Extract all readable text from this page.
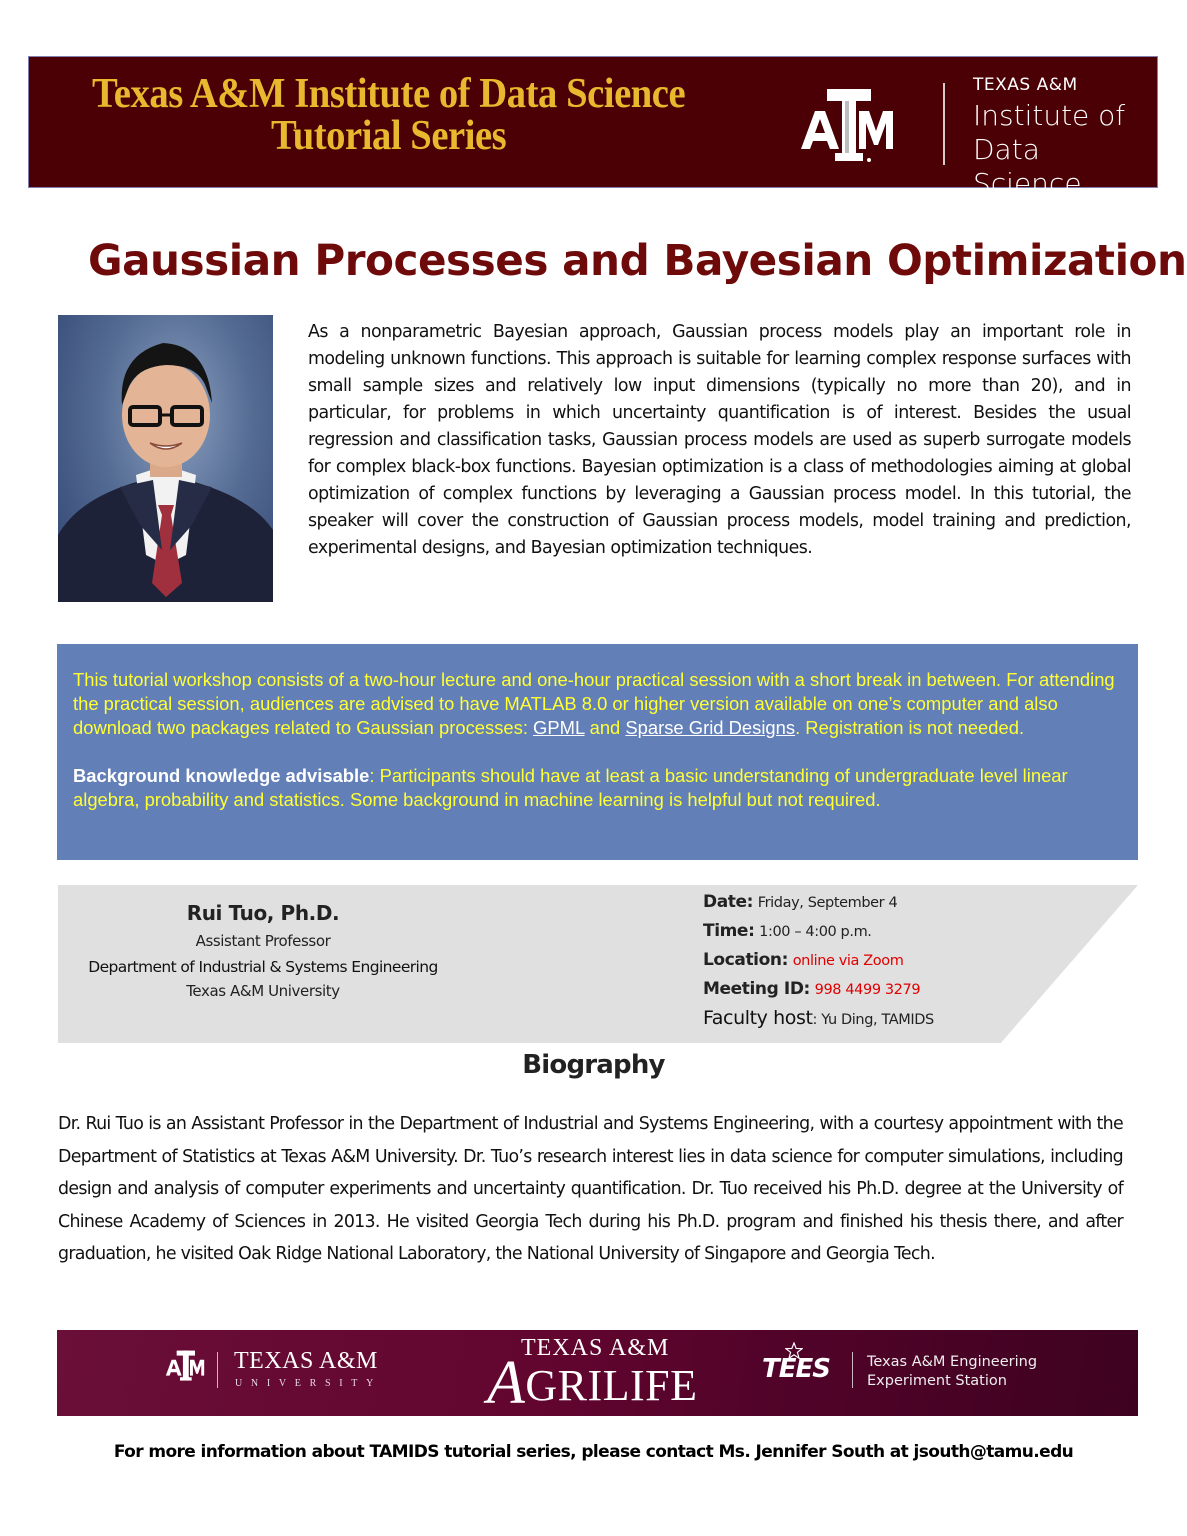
Texas A&M Institute of Data Science
Tutorial Series
TEXAS A&M
Institute of
Data Science
Gaussian Processes and Bayesian Optimization

As a nonparametric Bayesian approach, Gaussian process models play an important role in modeling unknown functions. This approach is suitable for learning complex response surfaces with small sample sizes and relatively low input dimensions (typically no more than 20), and in particular, for problems in which uncertainty quantification is of interest. Besides the usual regression and classification tasks, Gaussian process models are used as superb surrogate models for complex black-box functions. Bayesian optimization is a class of methodologies aiming at global optimization of complex functions by leveraging a Gaussian process model. In this tutorial, the speaker will cover the construction of Gaussian process models, model training and prediction, experimental designs, and Bayesian optimization techniques.

This tutorial workshop consists of a two-hour lecture and one-hour practical session with a short break in between. For attending the practical session, audiences are advised to have MATLAB 8.0 or higher version available on one’s computer and also download two packages related to Gaussian processes: GPML and Sparse Grid Designs. Registration is not needed.

Background knowledge advisable: Participants should have at least a basic understanding of undergraduate level linear algebra, probability and statistics. Some background in machine learning is helpful but not required.

Rui Tuo, Ph.D.
Assistant Professor
Department of Industrial & Systems Engineering
Texas A&M University
Date: Friday, September 4
Time: 1:00 – 4:00 p.m.
Location: online via Zoom
Meeting ID: 998 4499 3279
Faculty host: Yu Ding, TAMIDS
Biography

Dr. Rui Tuo is an Assistant Professor in the Department of Industrial and Systems Engineering, with a courtesy appointment with the Department of Statistics at Texas A&M University. Dr. Tuo’s research interest lies in data science for computer simulations, including design and analysis of computer experiments and uncertainty quantification. Dr. Tuo received his Ph.D. degree at the University of Chinese Academy of Sciences in 2013. He visited Georgia Tech during his Ph.D. program and finished his thesis there, and after graduation, he visited Oak Ridge National Laboratory, the National University of Singapore and Georgia Tech.

TEXAS A&M
UNIVERSITY
TEXAS A&M
AGRILIFE TEES	Texas A&M Engineering
Experiment Station
For more information about TAMIDS tutorial series, please contact Ms. Jennifer South at jsouth@tamu.edu
